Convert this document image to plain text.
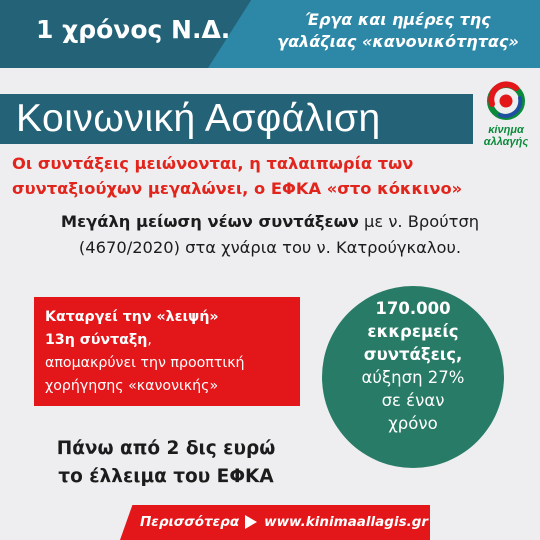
1 χρόνος Ν.Δ.	Έργα και ημέρες της
γαλάζιας «κανονικότητας»
Κοινωνική Ασφάλιση	κίνημα
αλλαγής
Οι συντάξεις μειώνονται, η ταλαιπωρία των
συνταξιούχων μεγαλώνει, ο ΕΦΚΑ «στο κόκκινο»
Μεγάλη μείωση νέων συντάξεων με ν. Βρούτση
(4670/2020) στα χνάρια του ν. Κατρούγκαλου.
Καταργεί την «λειψή»
13η σύνταξη,
απομακρύνει την προοπτική
χορήγησης «κανονικής»
170.000
εκκρεμείς
συντάξεις,
αύξηση 27%
σε έναν
χρόνο
Πάνω από 2 δις ευρώ
το έλλειμα του ΕΦΚΑ
Περισσότερα www.kinimaallagis.gr
